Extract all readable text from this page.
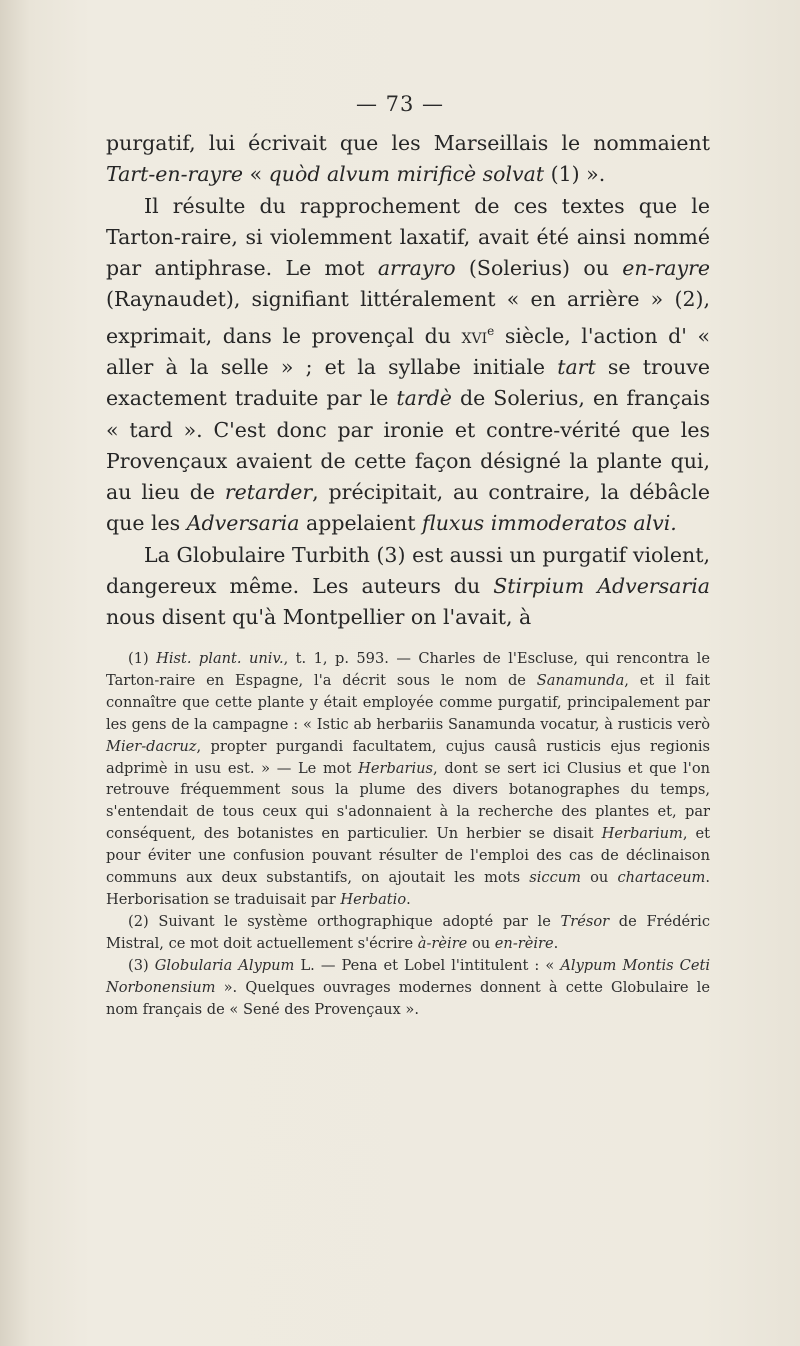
— 73 —

purgatif, lui écrivait que les Marseillais le nommaient Tart-en-rayre « quòd alvum mirificè solvat (1) ».

Il résulte du rapprochement de ces textes que le Tarton-raire, si violemment laxatif, avait été ainsi nommé par antiphrase. Le mot arrayro (Solerius) ou en-rayre (Raynaudet), signifiant littéralement « en arrière » (2), exprimait, dans le provençal du xvi$^e$ siècle, l'action d' « aller à la selle » ; et la syllabe initiale tart se trouve exactement traduite par le tardè de Solerius, en français « tard ». C'est donc par ironie et contre-vérité que les Provençaux avaient de cette façon désigné la plante qui, au lieu de retarder, précipitait, au contraire, la débâcle que les Adversaria appelaient fluxus immoderatos alvi.

La Globulaire Turbith (3) est aussi un purgatif violent, dangereux même. Les auteurs du Stirpium Adversaria nous disent qu'à Montpellier on l'avait, à

(1) Hist. plant. univ., t. 1, p. 593. — Charles de l'Escluse, qui rencontra le Tarton-raire en Espagne, l'a décrit sous le nom de Sanamunda, et il fait connaître que cette plante y était employée comme purgatif, principalement par les gens de la campagne : « Istic ab herbariis Sanamunda vocatur, à rusticis verò Mier-dacruz, propter purgandi facultatem, cujus causâ rusticis ejus regionis adprimè in usu est. » — Le mot Herbarius, dont se sert ici Clusius et que l'on retrouve fréquemment sous la plume des divers botanographes du temps, s'entendait de tous ceux qui s'adonnaient à la recherche des plantes et, par conséquent, des botanistes en particulier. Un herbier se disait Herbarium, et pour éviter une confusion pouvant résulter de l'emploi des cas de déclinaison communs aux deux substantifs, on ajoutait les mots siccum ou chartaceum. Herborisation se traduisait par Herbatio.

(2) Suivant le système orthographique adopté par le Trésor de Frédéric Mistral, ce mot doit actuellement s'écrire à-rèire ou en-rèire.

(3) Globularia Alypum L. — Pena et Lobel l'intitulent : « Alypum Montis Ceti Norbonensium ». Quelques ouvrages modernes donnent à cette Globulaire le nom français de « Sené des Provençaux ».
